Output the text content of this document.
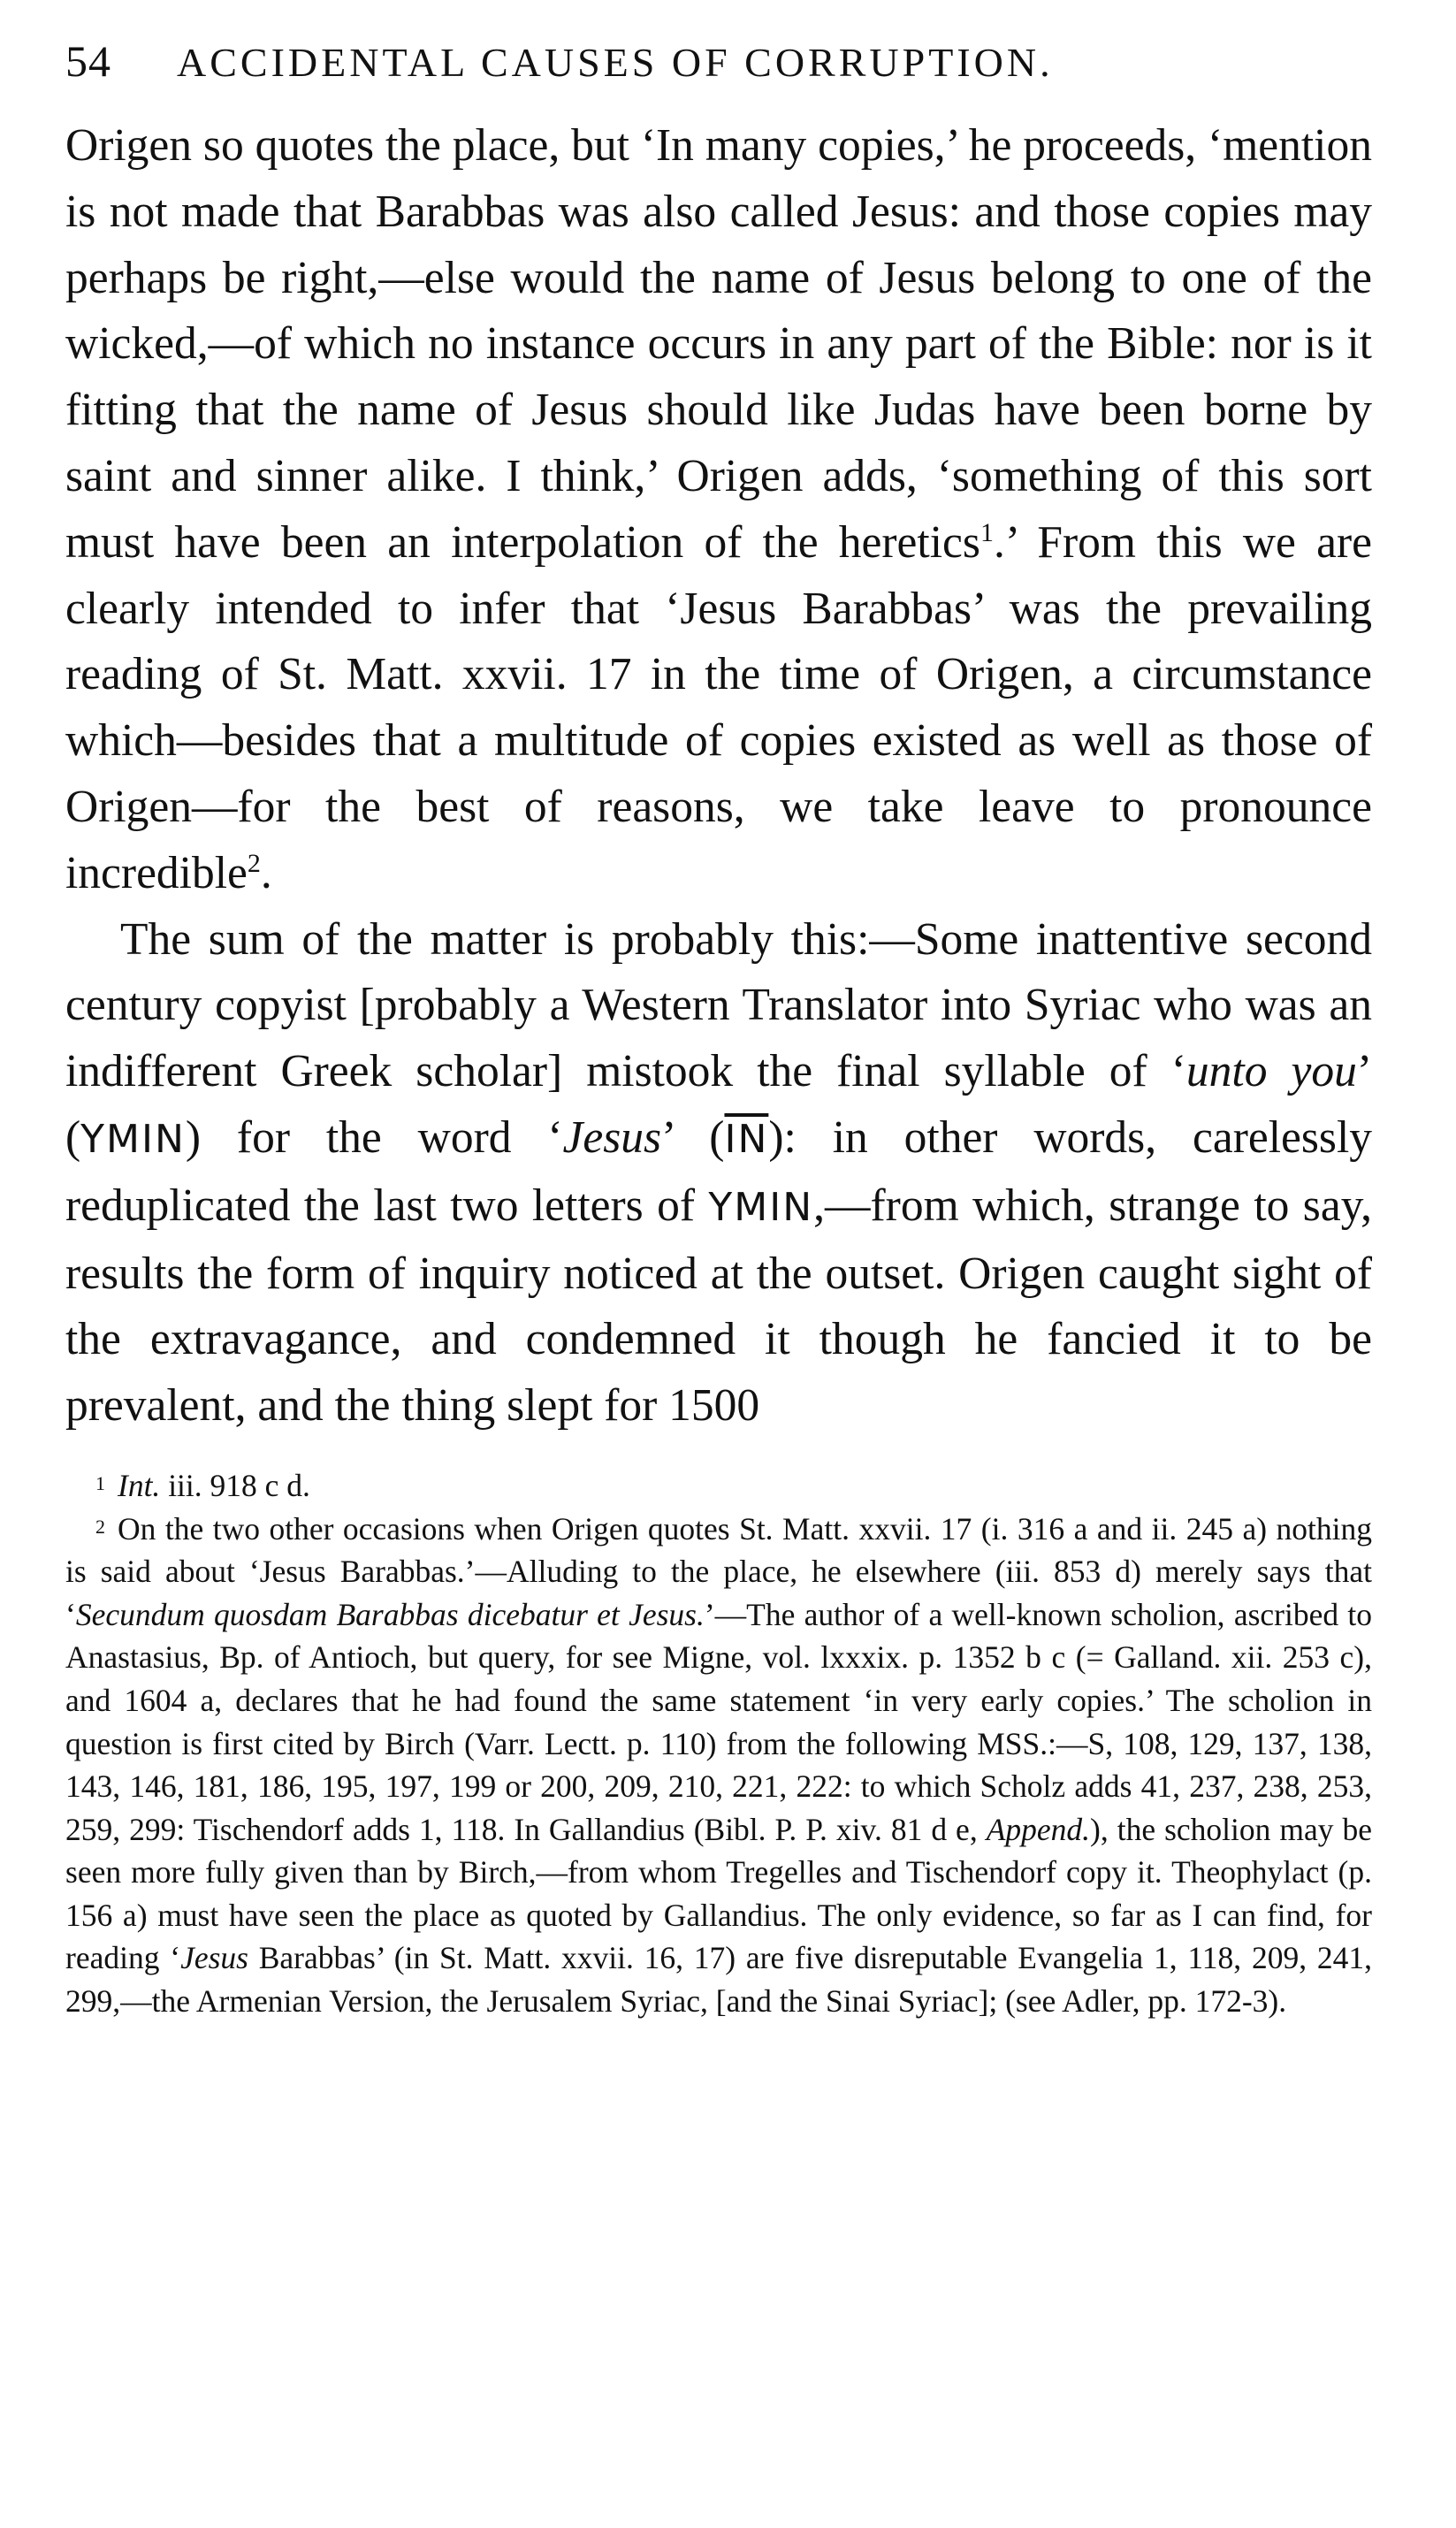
54	ACCIDENTAL CAUSES OF CORRUPTION.

Origen so quotes the place, but ‘In many copies,’ he proceeds, ‘mention is not made that Barabbas was also called Jesus: and those copies may perhaps be right,—else would the name of Jesus belong to one of the wicked,—of which no instance occurs in any part of the Bible: nor is it fitting that the name of Jesus should like Judas have been borne by saint and sinner alike. I think,’ Origen adds, ‘something of this sort must have been an interpolation of the heretics$^1$.’ From this we are clearly intended to infer that ‘Jesus Barabbas’ was the prevailing reading of St. Matt. xxvii. 17 in the time of Origen, a circumstance which—besides that a multitude of copies existed as well as those of Origen—for the best of reasons, we take leave to pronounce incredible$^2$.

The sum of the matter is probably this:—Some inattentive second century copyist [probably a Western Translator into Syriac who was an indifferent Greek scholar] mistook the final syllable of ‘unto you’ (YMIN) for the word ‘Jesus’ $(\overline{IN})$: in other words, carelessly reduplicated the last two letters of YMIN,—from which, strange to say, results the form of inquiry noticed at the outset. Origen caught sight of the extravagance, and condemned it though he fancied it to be prevalent, and the thing slept for 1500

$^1$ Int. iii. 918 c d.

$^2$ On the two other occasions when Origen quotes St. Matt. xxvii. 17 (i. 316 a and ii. 245 a) nothing is said about ‘Jesus Barabbas.’—Alluding to the place, he elsewhere (iii. 853 d) merely says that ‘Secundum quosdam Barabbas dicebatur et Jesus.’—The author of a well-known scholion, ascribed to Anastasius, Bp. of Antioch, but query, for see Migne, vol. lxxxix. p. 1352 b c (= Galland. xii. 253 c), and 1604 a, declares that he had found the same statement ‘in very early copies.’ The scholion in question is first cited by Birch (Varr. Lectt. p. 110) from the following MSS.:—S, 108, 129, 137, 138, 143, 146, 181, 186, 195, 197, 199 or 200, 209, 210, 221, 222: to which Scholz adds 41, 237, 238, 253, 259, 299: Tischendorf adds 1, 118. In Gallandius (Bibl. P. P. xiv. 81 d e, Append.), the scholion may be seen more fully given than by Birch,—from whom Tregelles and Tischendorf copy it. Theophylact (p. 156 a) must have seen the place as quoted by Gallandius. The only evidence, so far as I can find, for reading ‘Jesus Barabbas’ (in St. Matt. xxvii. 16, 17) are five disreputable Evangelia 1, 118, 209, 241, 299,—the Armenian Version, the Jerusalem Syriac, [and the Sinai Syriac]; (see Adler, pp. 172-3).
